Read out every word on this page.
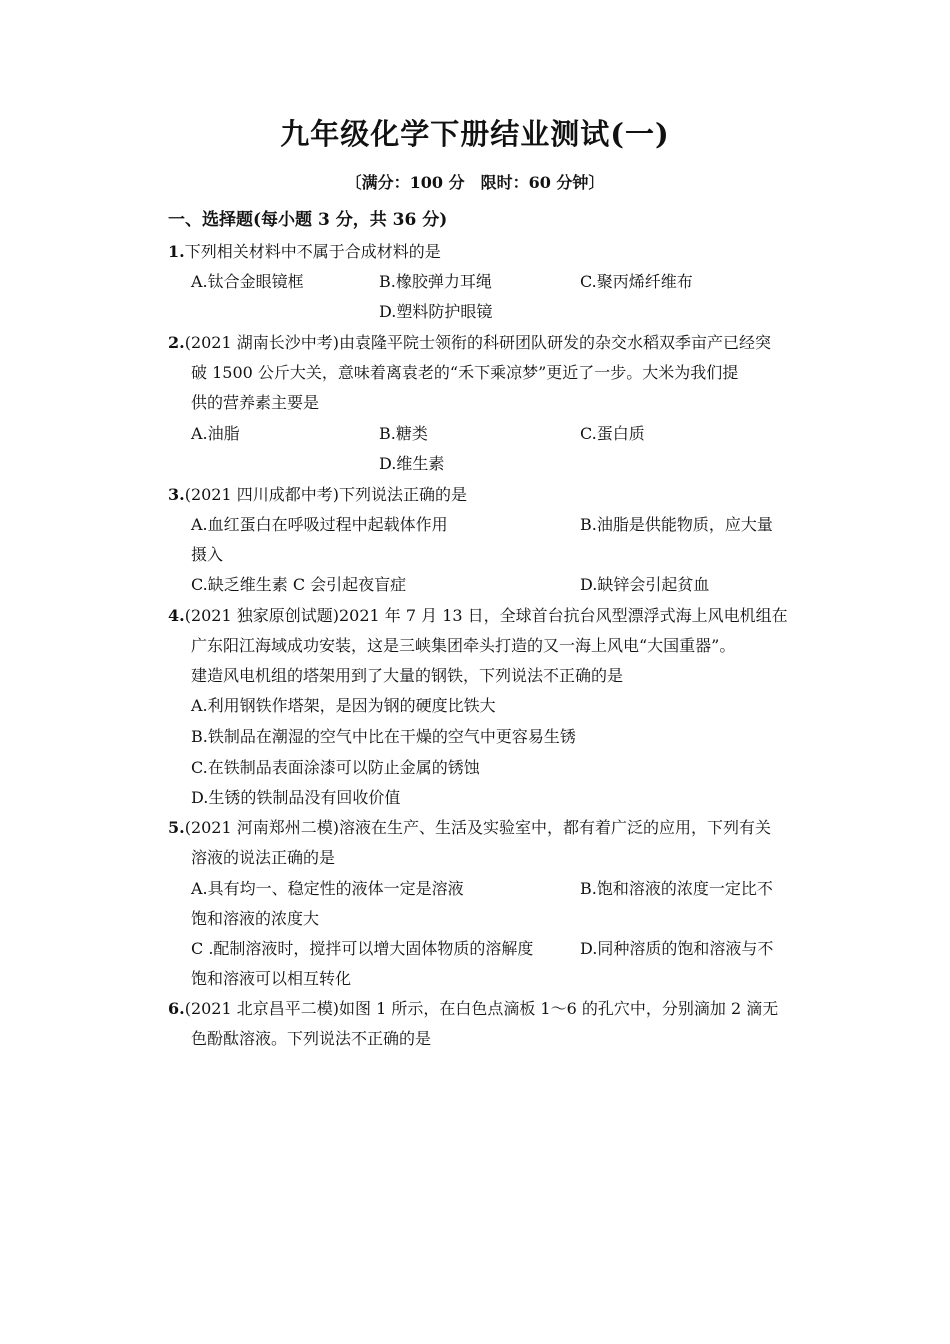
九年级化学下册结业测试(一)
〔满分：100 分　限时：60 分钟〕
一、选择题(每小题 3 分，共 36 分)
1.下列相关材料中不属于合成材料的是
A.钛合金眼镜框	B.橡胶弹力耳绳	C.聚丙烯纤维布
D.塑料防护眼镜
2.(2021 湖南长沙中考)由袁隆平院士领衔的科研团队研发的杂交水稻双季亩产已经突
破 1500 公斤大关，意味着离袁老的“禾下乘凉梦”更近了一步。大米为我们提
供的营养素主要是
A.油脂	B.糖类	C.蛋白质
D.维生素
3.(2021 四川成都中考)下列说法正确的是
A.血红蛋白在呼吸过程中起载体作用	B.油脂是供能物质，应大量
摄入
C.缺乏维生素 C 会引起夜盲症	D.缺锌会引起贫血
4.(2021 独家原创试题)2021 年 7 月 13 日，全球首台抗台风型漂浮式海上风电机组在
广东阳江海域成功安装，这是三峡集团牵头打造的又一海上风电“大国重器”。
建造风电机组的塔架用到了大量的钢铁，下列说法不正确的是
A.利用钢铁作塔架，是因为钢的硬度比铁大
B.铁制品在潮湿的空气中比在干燥的空气中更容易生锈
C.在铁制品表面涂漆可以防止金属的锈蚀
D.生锈的铁制品没有回收价值
5.(2021 河南郑州二模)溶液在生产、生活及实验室中，都有着广泛的应用，下列有关
溶液的说法正确的是
A.具有均一、稳定性的液体一定是溶液	B.饱和溶液的浓度一定比不
饱和溶液的浓度大
C .配制溶液时，搅拌可以增大固体物质的溶解度	D.同种溶质的饱和溶液与不
饱和溶液可以相互转化
6.(2021 北京昌平二模)如图 1 所示，在白色点滴板 1～6 的孔穴中，分别滴加 2 滴无
色酚酞溶液。下列说法不正确的是
